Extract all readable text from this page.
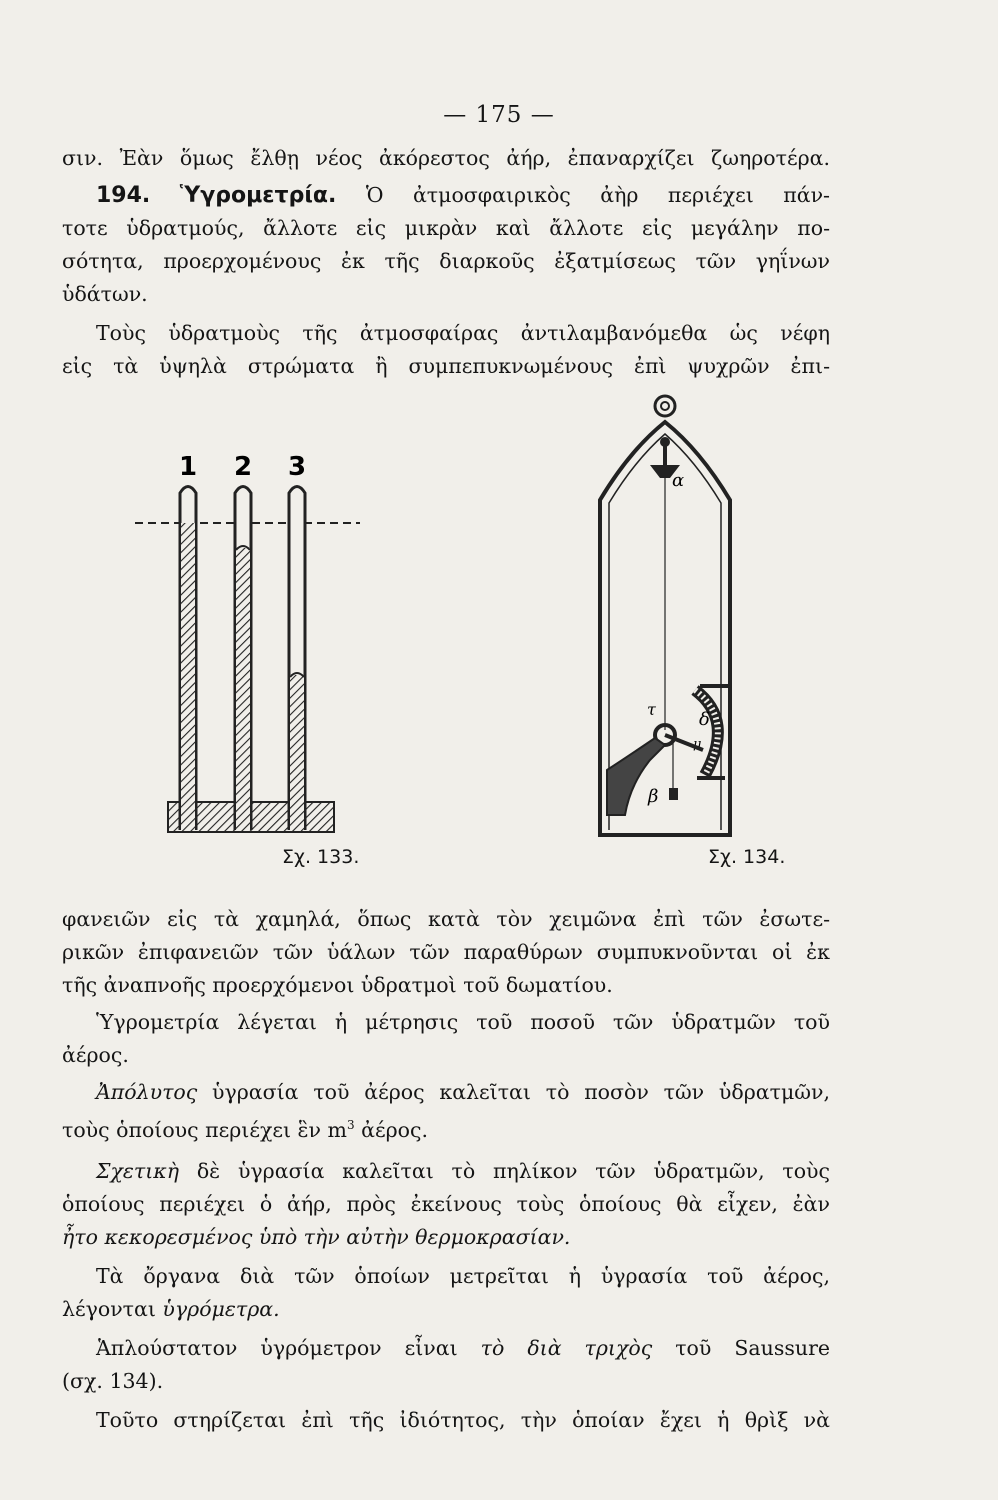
— 175 —
σιν. Ἐὰν ὅμως ἔλθῃ νέος ἀκόρεστος ἀήρ, ἐπαναρχίζει ζωηροτέρα.
194. Ὑγρομετρία. Ὁ ἀτμοσφαιρικὸς ἀὴρ περιέχει πάν-
τοτε ὑδρατμούς, ἄλλοτε εἰς μικρὰν καὶ ἄλλοτε εἰς μεγάλην πο-
σότητα, προερχομένους ἐκ τῆς διαρκοῦς ἐξατμίσεως τῶν γηΐνων
ὑδάτων.
Τοὺς ὑδρατμοὺς τῆς ἀτμοσφαίρας ἀντιλαμβανόμεθα ὡς νέφη
εἰς τὰ ὑψηλὰ στρώματα ἢ συμπεπυκνωμένους ἐπὶ ψυχρῶν ἐπι-
1 2 3
Σχ. 133.
α
δ
μ
τ
β
Σχ. 134.
φανειῶν εἰς τὰ χαμηλά, ὅπως κατὰ τὸν χειμῶνα ἐπὶ τῶν ἐσωτε-
ρικῶν ἐπιφανειῶν τῶν ὑάλων τῶν παραθύρων συμπυκνοῦνται οἱ ἐκ
τῆς ἀναπνοῆς προερχόμενοι ὑδρατμοὶ τοῦ δωματίου.
Ὑγρομετρία λέγεται ἡ μέτρησις τοῦ ποσοῦ τῶν ὑδρατμῶν τοῦ
ἀέρος.
Ἀπόλυτος ὑγρασία τοῦ ἀέρος καλεῖται τὸ ποσὸν τῶν ὑδρατμῶν,
τοὺς ὁποίους περιέχει ἓν $m^3$ ἀέρος.
Σχετικὴ δὲ ὑγρασία καλεῖται τὸ πηλίκον τῶν ὑδρατμῶν, τοὺς
ὁποίους περιέχει ὁ ἀήρ, πρὸς ἐκείνους τοὺς ὁποίους θὰ εἶχεν, ἐὰν
ἦτο κεκορεσμένος ὑπὸ τὴν αὐτὴν θερμοκρασίαν.
Τὰ ὄργανα διὰ τῶν ὁποίων μετρεῖται ἡ ὑγρασία τοῦ ἀέρος,
λέγονται ὑγρόμετρα.
Ἁπλούστατον ὑγρόμετρον εἶναι τὸ διὰ τριχὸς τοῦ Saussure
(σχ. 134).
Τοῦτο στηρίζεται ἐπὶ τῆς ἰδιότητος, τὴν ὁποίαν ἔχει ἡ θρὶξ νὰ
